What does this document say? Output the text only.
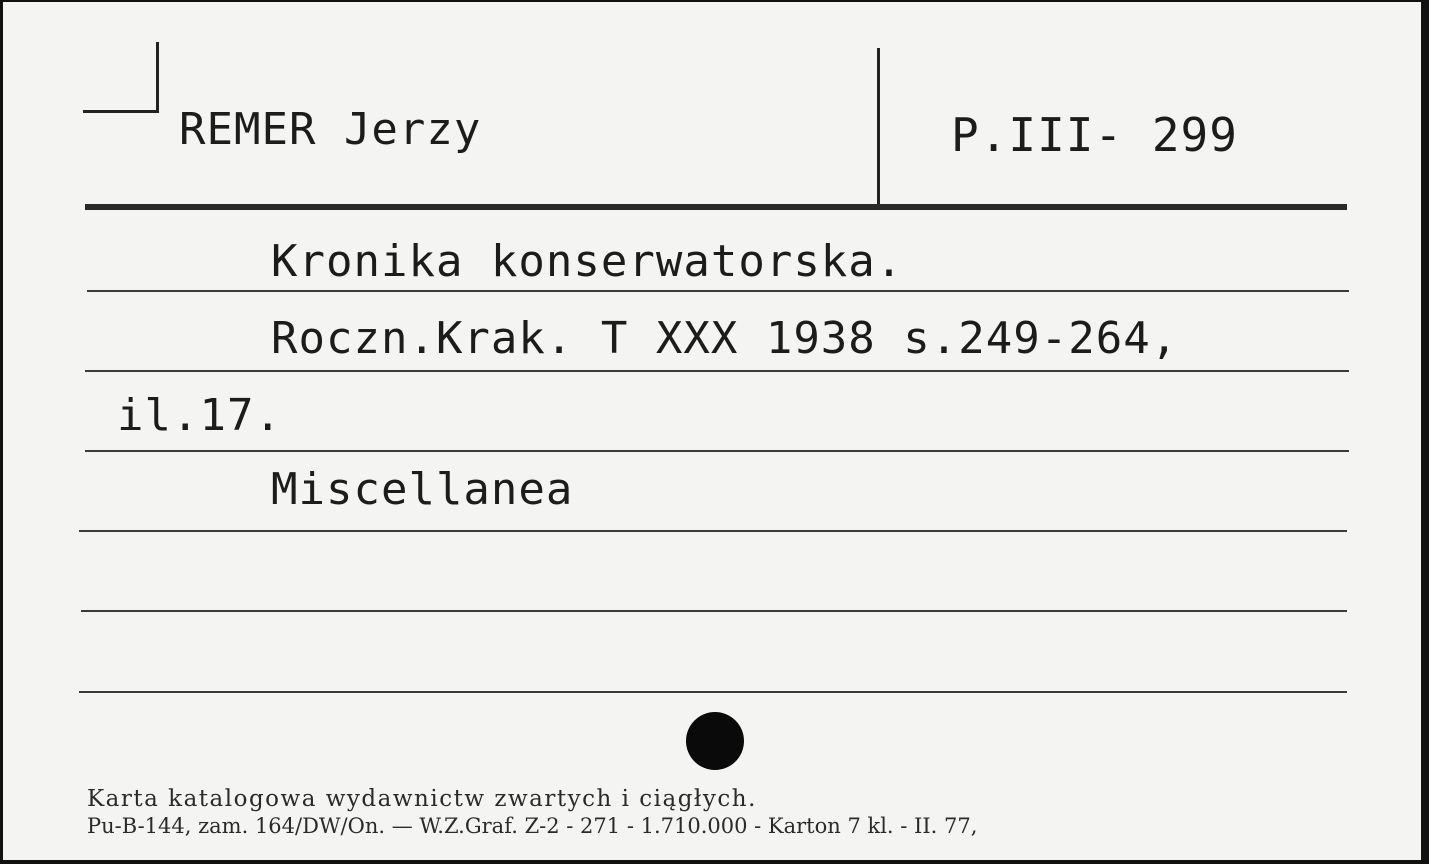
REMER Jerzy	P.III- 299
Kronika konserwatorska.
Roczn.Krak. T XXX 1938 s.249-264,
il.17.
Miscellanea
Karta katalogowa wydawnictw zwartych i ciągłych.
Pu-B-144, zam. 164/DW/On. — W.Z.Graf. Z-2 - 271 - 1.710.000 - Karton 7 kl. - II. 77,
